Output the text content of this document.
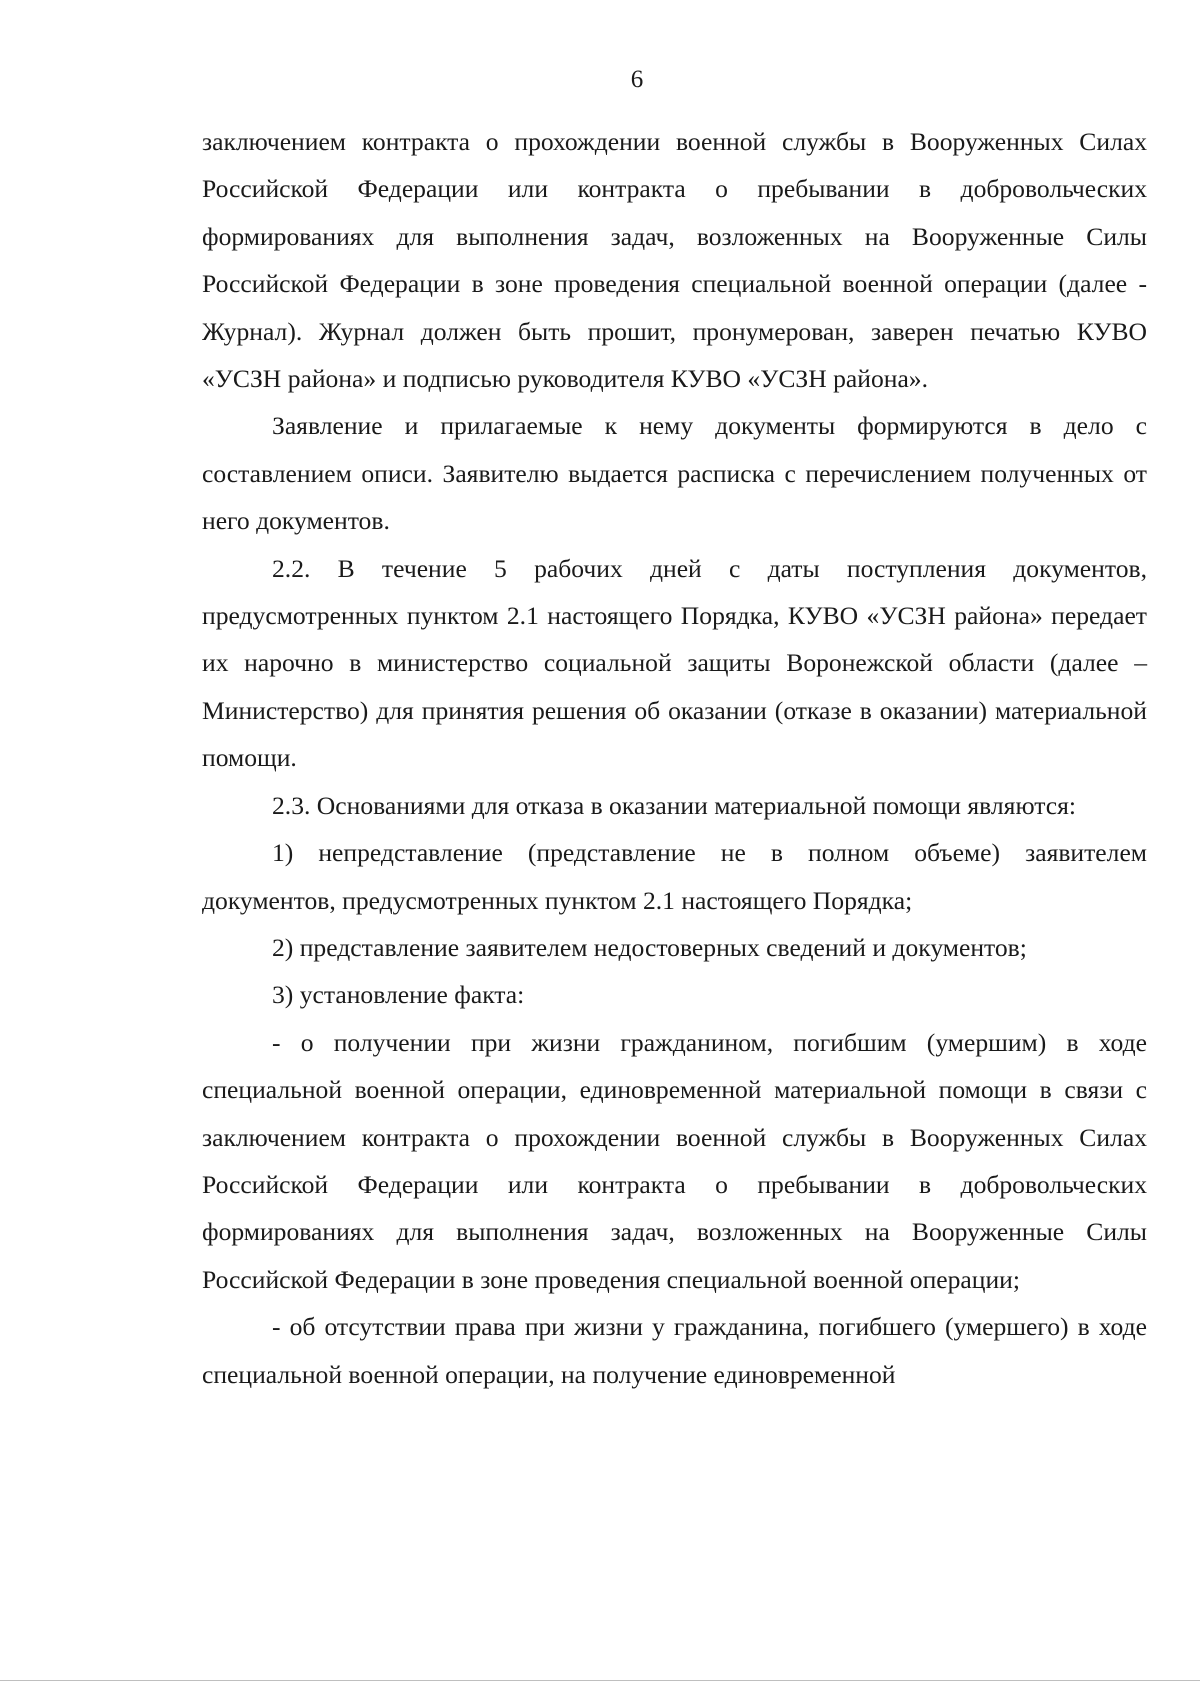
6

заключением контракта о прохождении военной службы в Вооруженных Силах Российской Федерации или контракта о пребывании в добровольческих формированиях для выполнения задач, возложенных на Вооруженные Силы Российской Федерации в зоне проведения специальной военной операции (далее - Журнал). Журнал должен быть прошит, пронумерован, заверен печатью КУВО «УСЗН района» и подписью руководителя КУВО «УСЗН района».

Заявление и прилагаемые к нему документы формируются в дело с составлением описи. Заявителю выдается расписка с перечислением полученных от него документов.

2.2. В течение 5 рабочих дней с даты поступления документов, предусмотренных пунктом 2.1 настоящего Порядка, КУВО «УСЗН района» передает их нарочно в министерство социальной защиты Воронежской области (далее – Министерство) для принятия решения об оказании (отказе в оказании) материальной помощи.

2.3. Основаниями для отказа в оказании материальной помощи являются:

1) непредставление (представление не в полном объеме) заявителем документов, предусмотренных пунктом 2.1 настоящего Порядка;

2) представление заявителем недостоверных сведений и документов;

3) установление факта:

- о получении при жизни гражданином, погибшим (умершим) в ходе специальной военной операции, единовременной материальной помощи в связи с заключением контракта о прохождении военной службы в Вооруженных Силах Российской Федерации или контракта о пребывании в добровольческих формированиях для выполнения задач, возложенных на Вооруженные Силы Российской Федерации в зоне проведения специальной военной операции;

- об отсутствии права при жизни у гражданина, погибшего (умершего) в ходе специальной военной операции, на получение единовременной
